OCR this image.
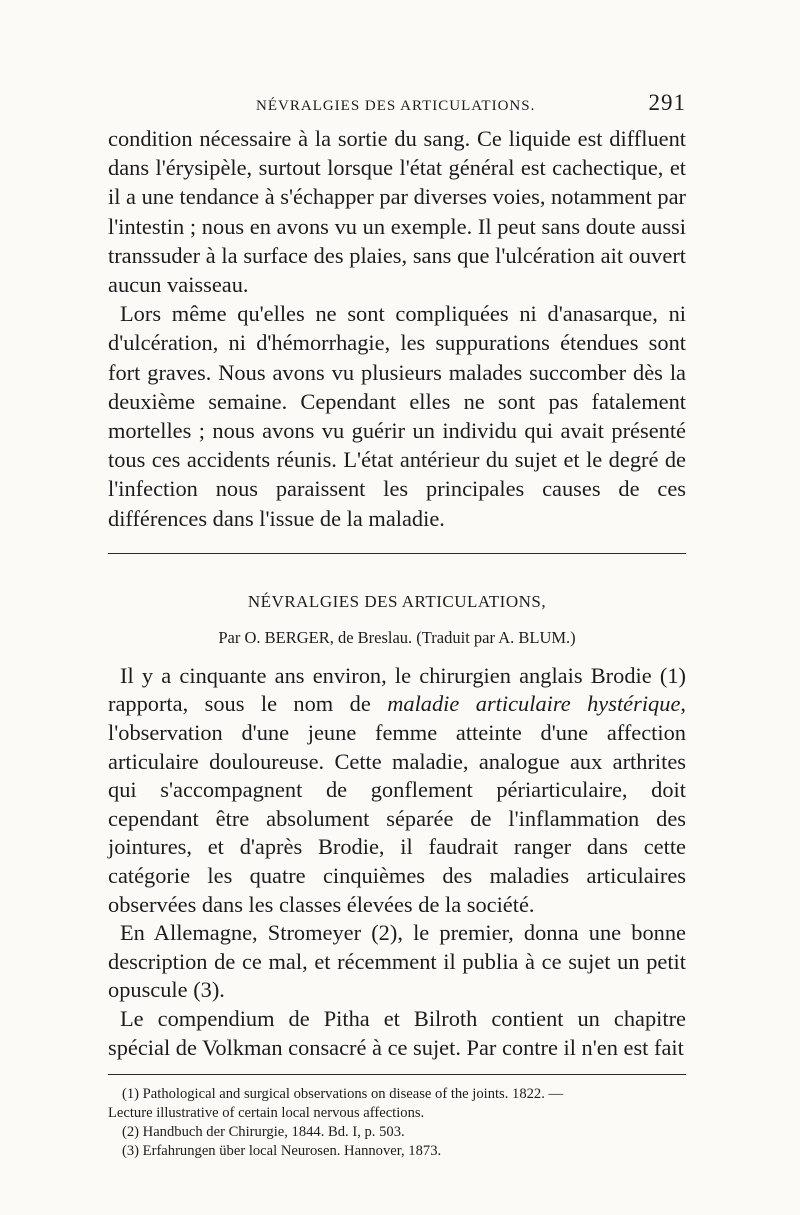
NÉVRALGIES DES ARTICULATIONS.	291

condition nécessaire à la sortie du sang. Ce liquide est diffluent dans l'érysipèle, surtout lorsque l'état général est cachectique, et il a une tendance à s'échapper par diverses voies, notamment par l'intestin ; nous en avons vu un exemple. Il peut sans doute aussi transsuder à la surface des plaies, sans que l'ulcération ait ouvert aucun vaisseau.

Lors même qu'elles ne sont compliquées ni d'anasarque, ni d'ulcération, ni d'hémorrhagie, les suppurations étendues sont fort graves. Nous avons vu plusieurs malades succomber dès la deuxième semaine. Cependant elles ne sont pas fatalement mortelles ; nous avons vu guérir un individu qui avait présenté tous ces accidents réunis. L'état antérieur du sujet et le degré de l'infection nous paraissent les principales causes de ces différences dans l'issue de la maladie.

NÉVRALGIES DES ARTICULATIONS,
Par O. BERGER, de Breslau. (Traduit par A. BLUM.)

Il y a cinquante ans environ, le chirurgien anglais Brodie (1) rapporta, sous le nom de maladie articulaire hystérique, l'observation d'une jeune femme atteinte d'une affection articulaire douloureuse. Cette maladie, analogue aux arthrites qui s'accompagnent de gonflement périarticulaire, doit cependant être absolument séparée de l'inflammation des jointures, et d'après Brodie, il faudrait ranger dans cette catégorie les quatre cinquièmes des maladies articulaires observées dans les classes élevées de la société.

En Allemagne, Stromeyer (2), le premier, donna une bonne description de ce mal, et récemment il publia à ce sujet un petit opuscule (3).

Le compendium de Pitha et Bilroth contient un chapitre spécial de Volkman consacré à ce sujet. Par contre il n'en est fait

(1) Pathological and surgical observations on disease of the joints. 1822. —

Lecture illustrative of certain local nervous affections.

(2) Handbuch der Chirurgie, 1844. Bd. I, p. 503.

(3) Erfahrungen über local Neurosen. Hannover, 1873.
